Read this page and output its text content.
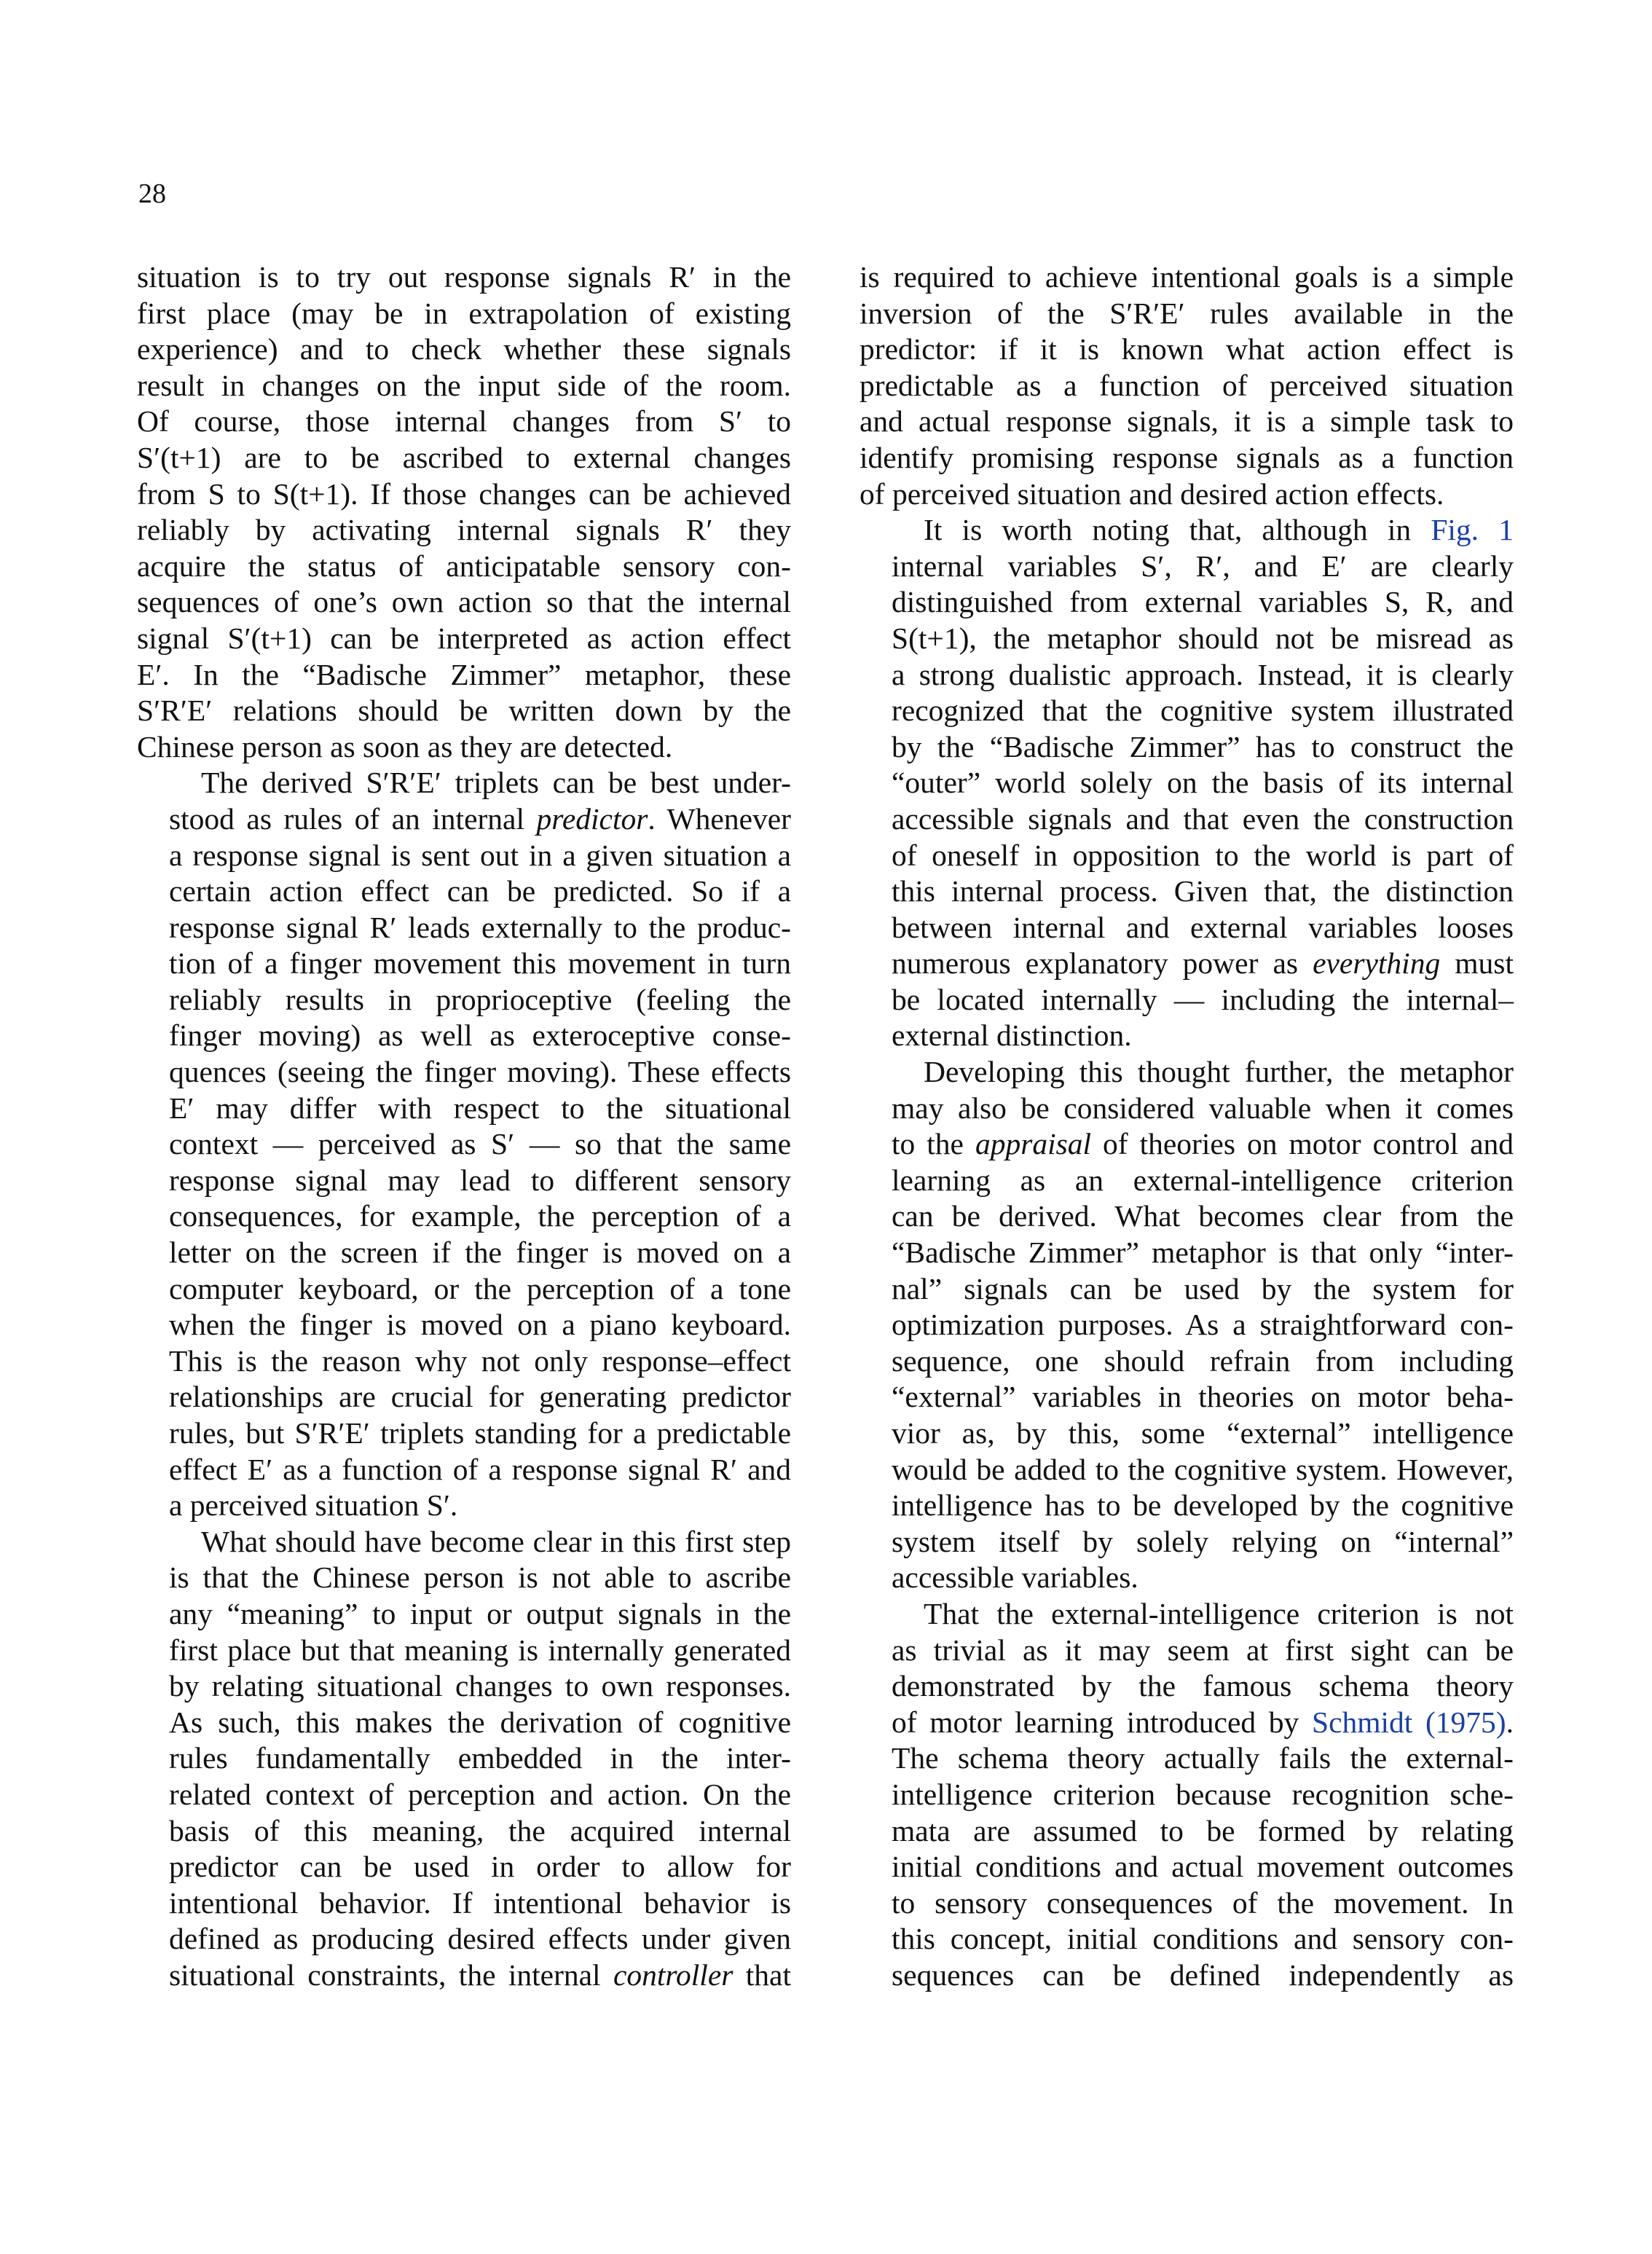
28
situation is to try out response signals R′ in the
first place (may be in extrapolation of existing
experience) and to check whether these signals
result in changes on the input side of the room.
Of course, those internal changes from S′ to
S′(t+1) are to be ascribed to external changes
from S to S(t+1). If those changes can be achieved
reliably by activating internal signals R′ they
acquire the status of anticipatable sensory con-
sequences of one’s own action so that the internal
signal S′(t+1) can be interpreted as action effect
E′. In the “Badische Zimmer” metaphor, these
S′R′E′ relations should be written down by the
Chinese person as soon as they are detected.
The derived S′R′E′ triplets can be best under-
stood as rules of an internal predictor. Whenever
a response signal is sent out in a given situation a
certain action effect can be predicted. So if a
response signal R′ leads externally to the produc-
tion of a finger movement this movement in turn
reliably results in proprioceptive (feeling the
finger moving) as well as exteroceptive conse-
quences (seeing the finger moving). These effects
E′ may differ with respect to the situational
context — perceived as S′ — so that the same
response signal may lead to different sensory
consequences, for example, the perception of a
letter on the screen if the finger is moved on a
computer keyboard, or the perception of a tone
when the finger is moved on a piano keyboard.
This is the reason why not only response–effect
relationships are crucial for generating predictor
rules, but S′R′E′ triplets standing for a predictable
effect E′ as a function of a response signal R′ and
a perceived situation S′.
What should have become clear in this first step
is that the Chinese person is not able to ascribe
any “meaning” to input or output signals in the
first place but that meaning is internally generated
by relating situational changes to own responses.
As such, this makes the derivation of cognitive
rules fundamentally embedded in the inter-
related context of perception and action. On the
basis of this meaning, the acquired internal
predictor can be used in order to allow for
intentional behavior. If intentional behavior is
defined as producing desired effects under given
situational constraints, the internal controller that
is required to achieve intentional goals is a simple
inversion of the S′R′E′ rules available in the
predictor: if it is known what action effect is
predictable as a function of perceived situation
and actual response signals, it is a simple task to
identify promising response signals as a function
of perceived situation and desired action effects.
It is worth noting that, although in Fig. 1
internal variables S′, R′, and E′ are clearly
distinguished from external variables S, R, and
S(t+1), the metaphor should not be misread as
a strong dualistic approach. Instead, it is clearly
recognized that the cognitive system illustrated
by the “Badische Zimmer” has to construct the
“outer” world solely on the basis of its internal
accessible signals and that even the construction
of oneself in opposition to the world is part of
this internal process. Given that, the distinction
between internal and external variables looses
numerous explanatory power as everything must
be located internally — including the internal–
external distinction.
Developing this thought further, the metaphor
may also be considered valuable when it comes
to the appraisal of theories on motor control and
learning as an external-intelligence criterion
can be derived. What becomes clear from the
“Badische Zimmer” metaphor is that only “inter-
nal” signals can be used by the system for
optimization purposes. As a straightforward con-
sequence, one should refrain from including
“external” variables in theories on motor beha-
vior as, by this, some “external” intelligence
would be added to the cognitive system. However,
intelligence has to be developed by the cognitive
system itself by solely relying on “internal”
accessible variables.
That the external-intelligence criterion is not
as trivial as it may seem at first sight can be
demonstrated by the famous schema theory
of motor learning introduced by Schmidt (1975).
The schema theory actually fails the external-
intelligence criterion because recognition sche-
mata are assumed to be formed by relating
initial conditions and actual movement outcomes
to sensory consequences of the movement. In
this concept, initial conditions and sensory con-
sequences can be defined independently as
